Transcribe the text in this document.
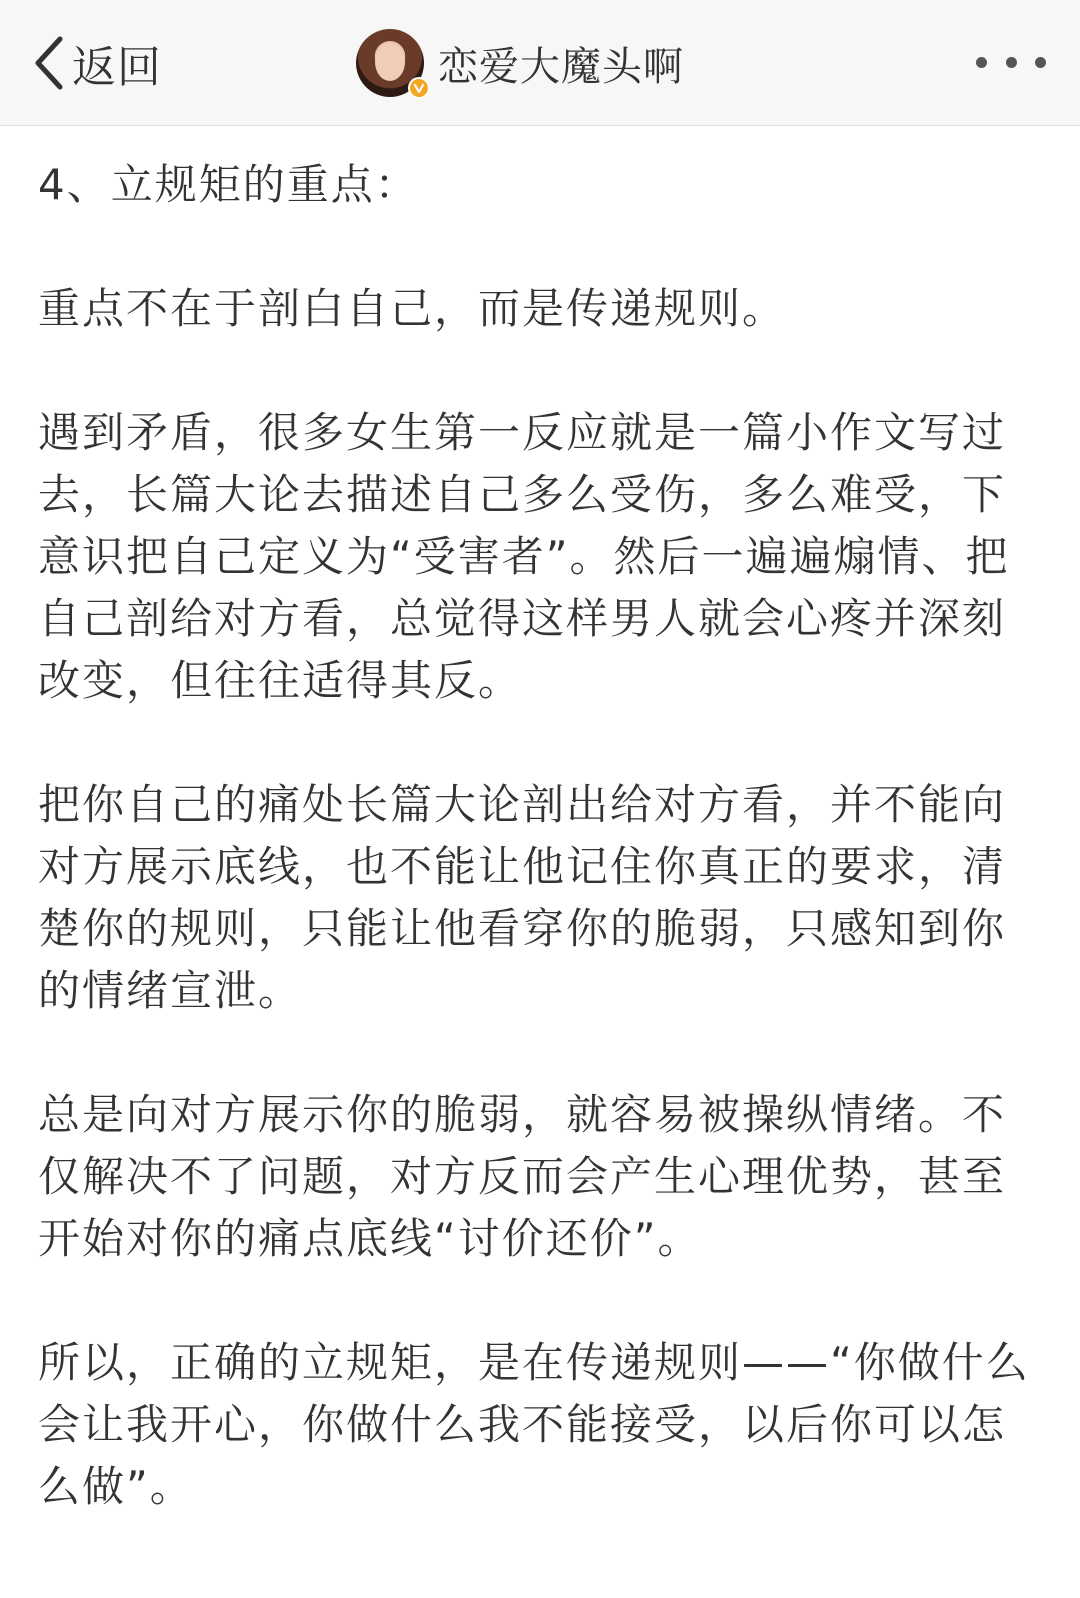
返回	恋爱大魔头啊

4、立规矩的重点：

重点不在于剖白自己，而是传递规则。

遇到矛盾，很多女生第一反应就是一篇小作文写过去，长篇大论去描述自己多么受伤，多么难受，下意识把自己定义为“受害者”。然后一遍遍煽情、把自己剖给对方看，总觉得这样男人就会心疼并深刻改变，但往往适得其反。

把你自己的痛处长篇大论剖出给对方看，并不能向对方展示底线，也不能让他记住你真正的要求，清楚你的规则，只能让他看穿你的脆弱，只感知到你的情绪宣泄。

总是向对方展示你的脆弱，就容易被操纵情绪。不仅解决不了问题，对方反而会产生心理优势，甚至开始对你的痛点底线“讨价还价”。

所以，正确的立规矩，是在传递规则——“你做什么会让我开心，你做什么我不能接受，以后你可以怎么做”。
